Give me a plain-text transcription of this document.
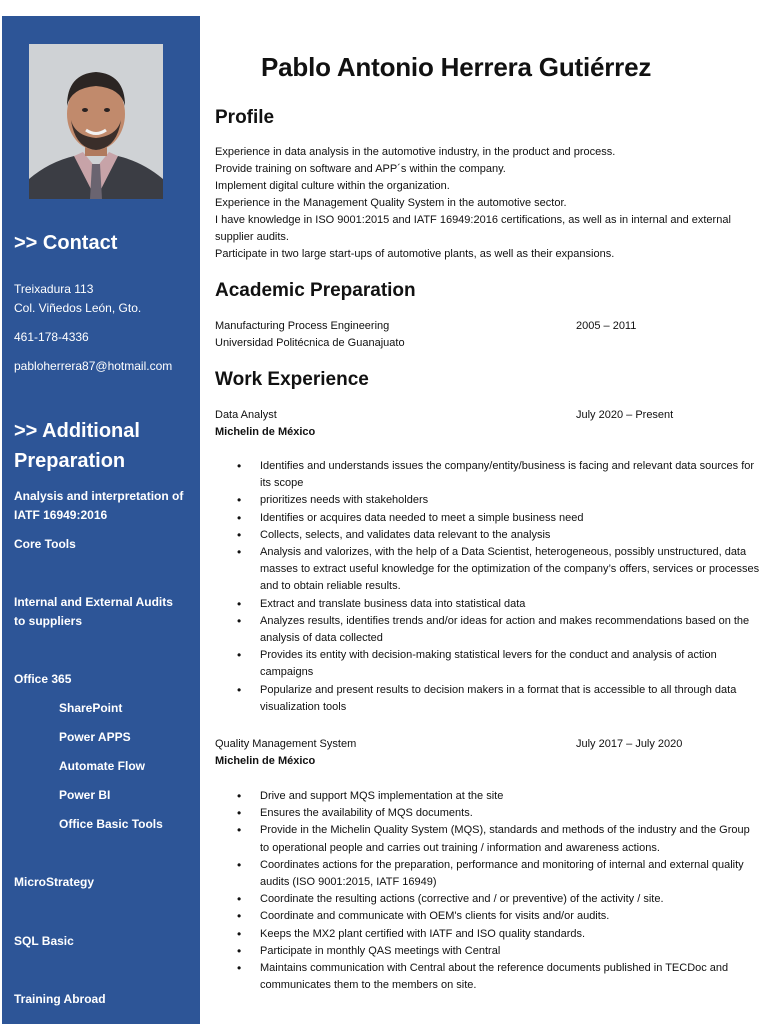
>> Contact
Treixadura 113
Col. Viñedos León, Gto.
461-178-4336
pabloherrera87@hotmail.com
>> Additional
Preparation
Analysis and interpretation of
IATF 16949:2016
Core Tools
Internal and External Audits
to suppliers
Office 365
SharePoint
Power APPS
Automate Flow
Power BI
Office Basic Tools
MicroStrategy
SQL Basic
Training Abroad
Pablo Antonio Herrera Gutiérrez
Profile
Experience in data analysis in the automotive industry, in the product and process.
Provide training on software and APP´s within the company.
Implement digital culture within the organization.
Experience in the Management Quality System in the automotive sector.
I have knowledge in ISO 9001:2015 and IATF 16949:2016 certifications, as well as in internal and external supplier audits.
Participate in two large start-ups of automotive plants, as well as their expansions.
Academic Preparation
Manufacturing Process Engineering
Universidad Politécnica de Guanajuato
2005 – 2011
Work Experience
Data Analyst
Michelin de México
July 2020 – Present
• Identifies and understands issues the company/entity/business is facing and relevant data sources for its scope
• prioritizes needs with stakeholders
• Identifies or acquires data needed to meet a simple business need
• Collects, selects, and validates data relevant to the analysis
• Analysis and valorizes, with the help of a Data Scientist, heterogeneous, possibly unstructured, data masses to extract useful knowledge for the optimization of the company’s offers, services or processes and to obtain reliable results.
• Extract and translate business data into statistical data
• Analyzes results, identifies trends and/or ideas for action and makes recommendations based on the analysis of data collected
• Provides its entity with decision-making statistical levers for the conduct and analysis of action campaigns
• Popularize and present results to decision makers in a format that is accessible to all through data visualization tools
Quality Management System
Michelin de México
July 2017 – July 2020
• Drive and support MQS implementation at the site
• Ensures the availability of MQS documents.
• Provide in the Michelin Quality System (MQS), standards and methods of the industry and the Group to operational people and carries out training / information and awareness actions.
• Coordinates actions for the preparation, performance and monitoring of internal and external quality audits (ISO 9001:2015, IATF 16949)
• Coordinate the resulting actions (corrective and / or preventive) of the activity / site.
• Coordinate and communicate with OEM's clients for visits and/or audits.
• Keeps the MX2 plant certified with IATF and ISO quality standards.
• Participate in monthly QAS meetings with Central
• Maintains communication with Central about the reference documents published in TECDoc and communicates them to the members on site.
